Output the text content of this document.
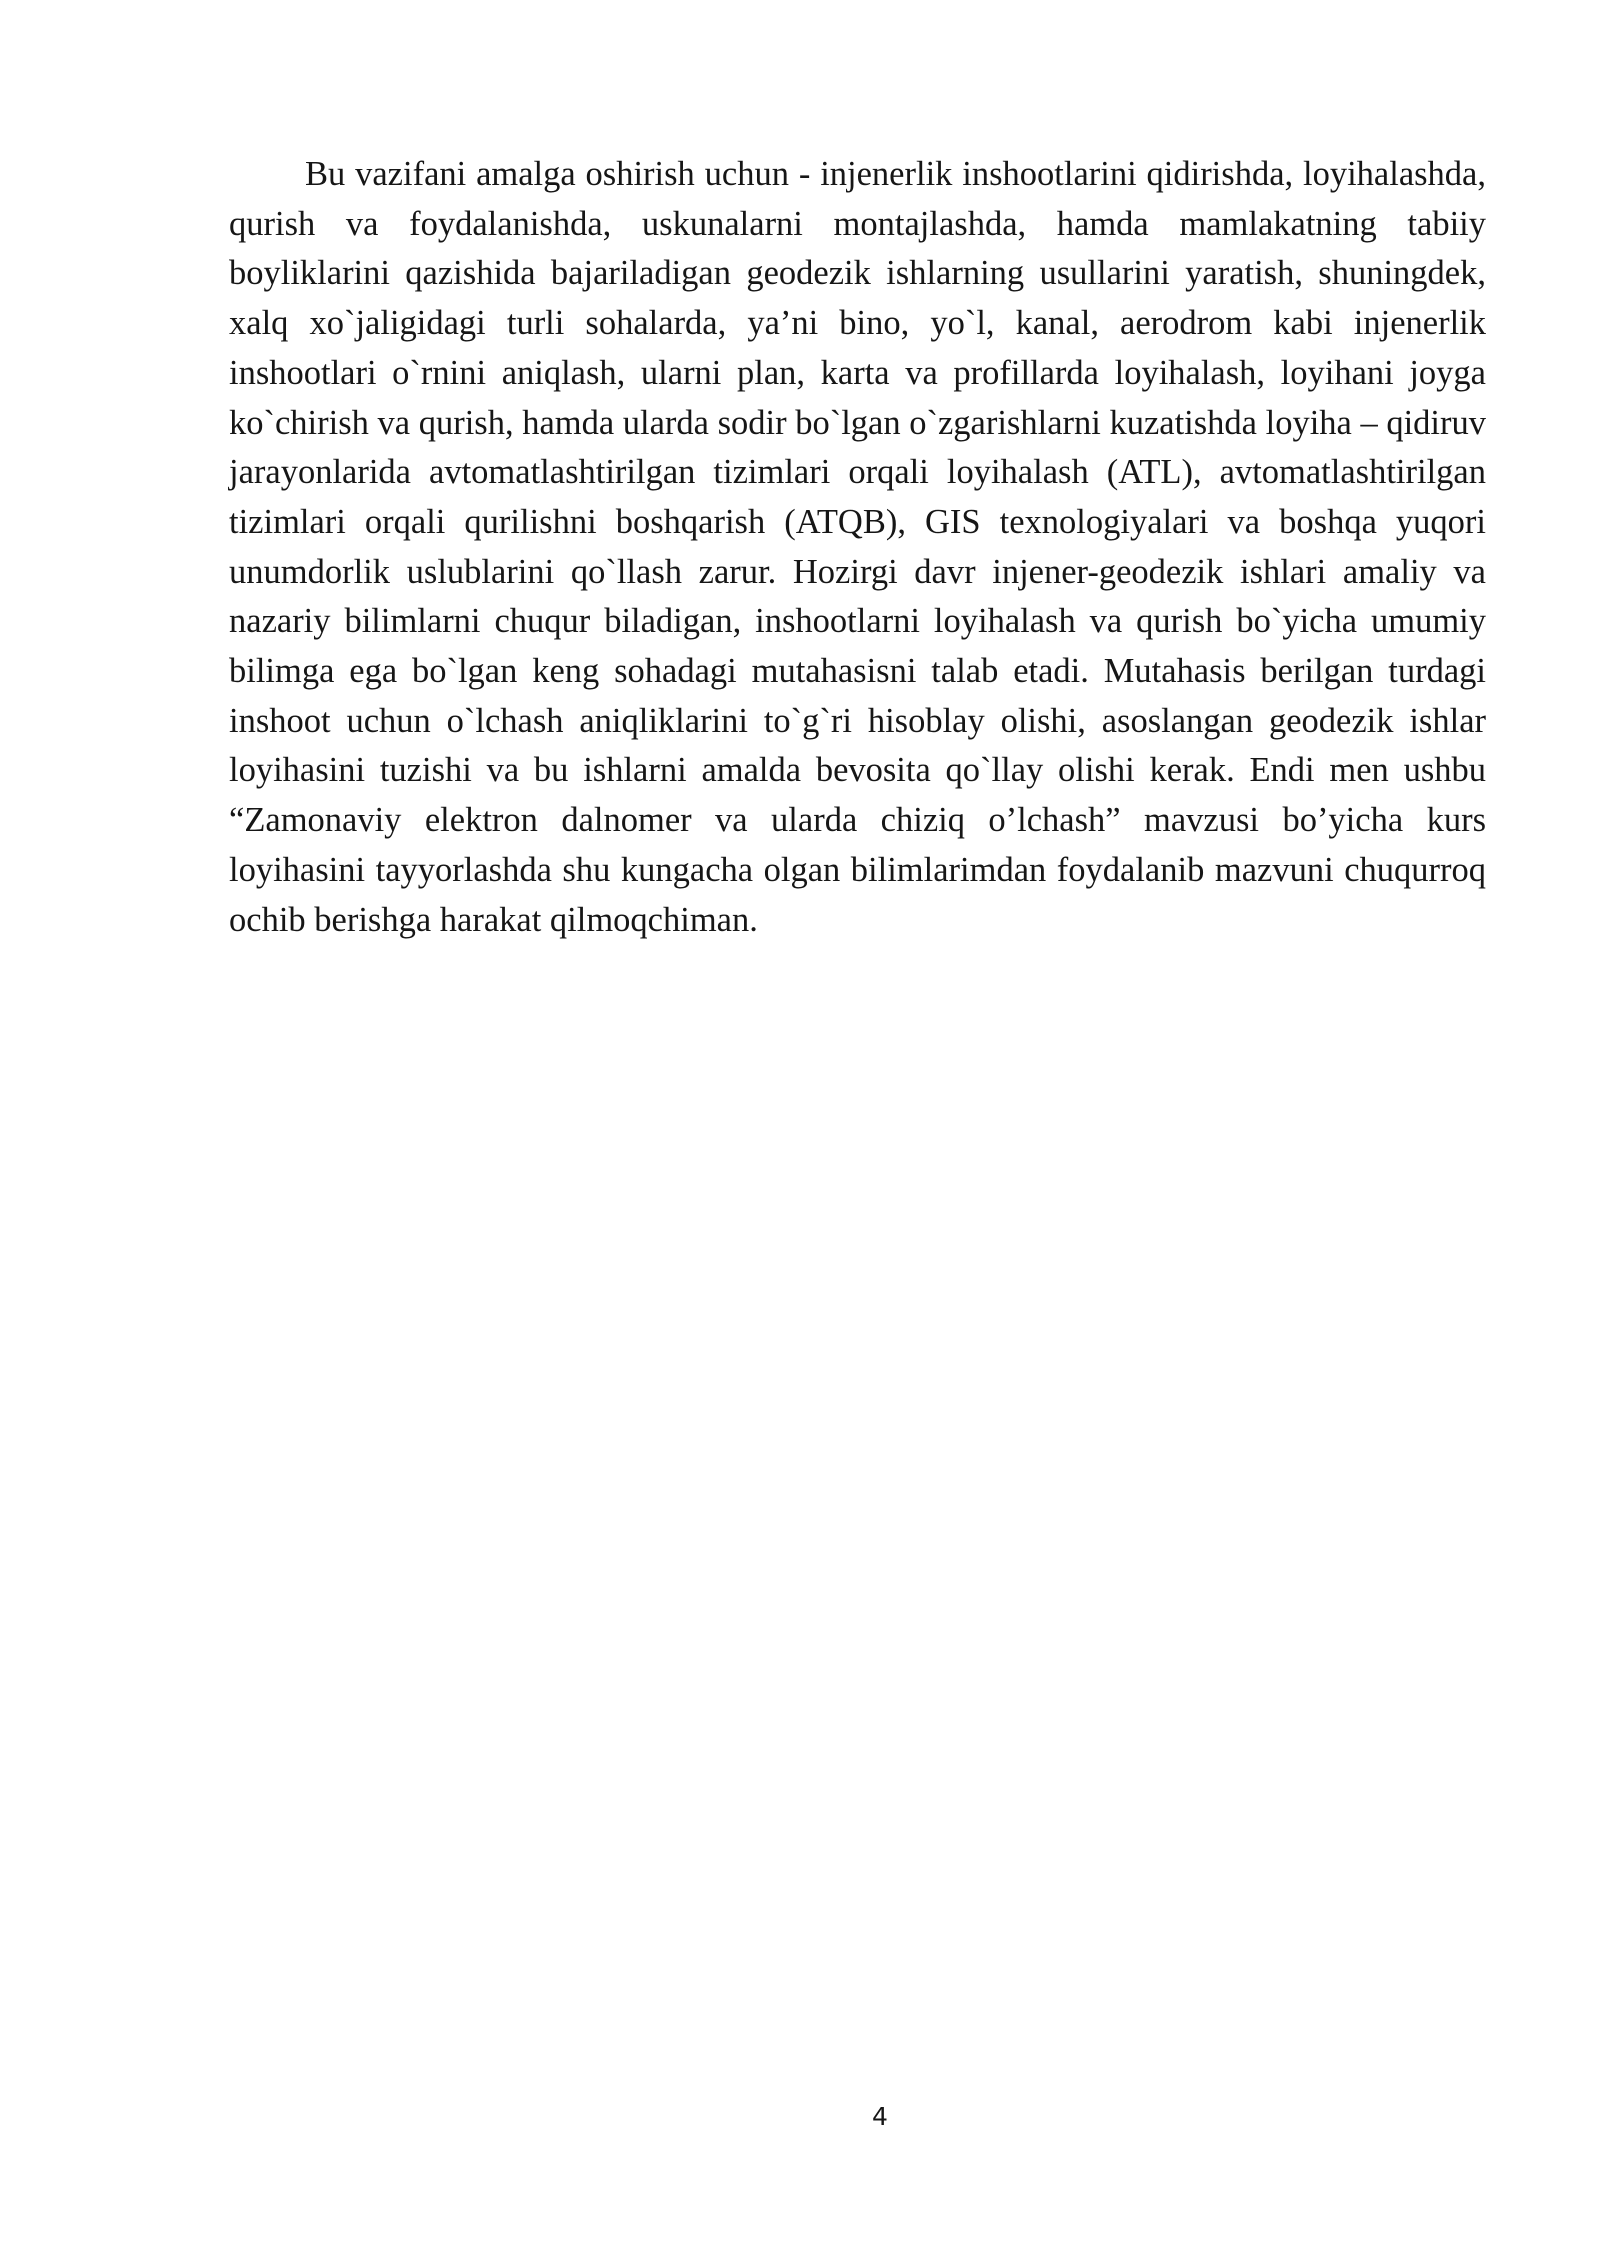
Bu vazifani amalga oshirish uchun - injenerlik inshootlarini qidirishda, loyihalashda, qurish va foydalanishda, uskunalarni montajlashda, hamda mamlakatning tabiiy boyliklarini qazishida bajariladigan geodezik ishlarning usullarini yaratish, shuningdek, xalq xo`jaligidagi turli sohalarda, ya’ni bino, yo`l, kanal, aerodrom kabi injenerlik inshootlari o`rnini aniqlash, ularni plan, karta va profillarda loyihalash, loyihani joyga ko`chirish va qurish, hamda ularda sodir bo`lgan o`zgarishlarni kuzatishda loyiha – qidiruv jarayonlarida avtomatlashtirilgan tizimlari orqali loyihalash (ATL), avtomatlashtirilgan tizimlari orqali qurilishni boshqarish (ATQB), GIS texnologiyalari va boshqa yuqori unumdorlik uslublarini qo`llash zarur. Hozirgi davr injener-geodezik ishlari amaliy va nazariy bilimlarni chuqur biladigan, inshootlarni loyihalash va qurish bo`yicha umumiy bilimga ega bo`lgan keng sohadagi mutahasisni talab etadi. Mutahasis berilgan turdagi inshoot uchun o`lchash aniqliklarini to`g`ri hisoblay olishi, asoslangan geodezik ishlar loyihasini tuzishi va bu ishlarni amalda bevosita qo`llay olishi kerak. Endi men ushbu “Zamonaviy elektron dalnomer va ularda chiziq o’lchash” mavzusi bo’yicha kurs loyihasini tayyorlashda shu kungacha olgan bilimlarimdan foydalanib mazvuni chuqurroq ochib berishga harakat qilmoqchiman.

4
